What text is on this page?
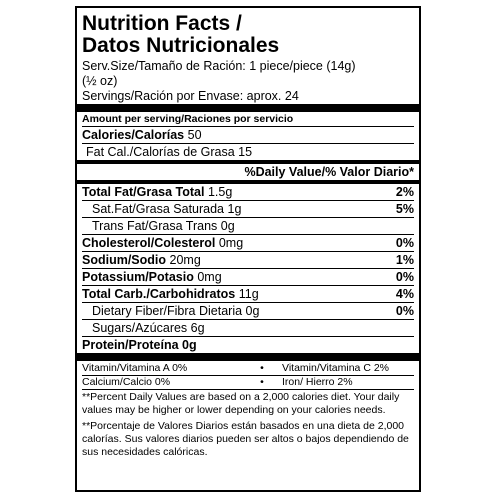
Nutrition Facts /
Datos Nutricionales
Serv.Size/Tamaño de Ración: 1 piece/piece (14g)
(½ oz)
Servings/Ración por Envase: aprox. 24
Amount per serving/Raciones por servicio
Calories/Calorías 50
Fat Cal./Calorías de Grasa 15
%Daily Value/% Valor Diario*
Total Fat/Grasa Total 1.5g	2%
Sat.Fat/Grasa Saturada 1g	5%
Trans Fat/Grasa Trans 0g
Cholesterol/Colesterol 0mg	0%
Sodium/Sodio 20mg	1%
Potassium/Potasio 0mg	0%
Total Carb./Carbohidratos 11g	4%
Dietary Fiber/Fibra Dietaria 0g	0%
Sugars/Azúcares 6g
Protein/Proteína 0g
Vitamin/Vitamina A 0%	•	Vitamin/Vitamina C 2%
Calcium/Calcio 0%	•	Iron/ Hierro 2%
**Percent Daily Values are based on a 2,000 calories diet. Your daily values may be higher or lower depending on your calories needs.
**Porcentaje de Valores Diarios están basados en una dieta de 2,000 calorías. Sus valores diarios pueden ser altos o bajos dependiendo de sus necesidades calóricas.
